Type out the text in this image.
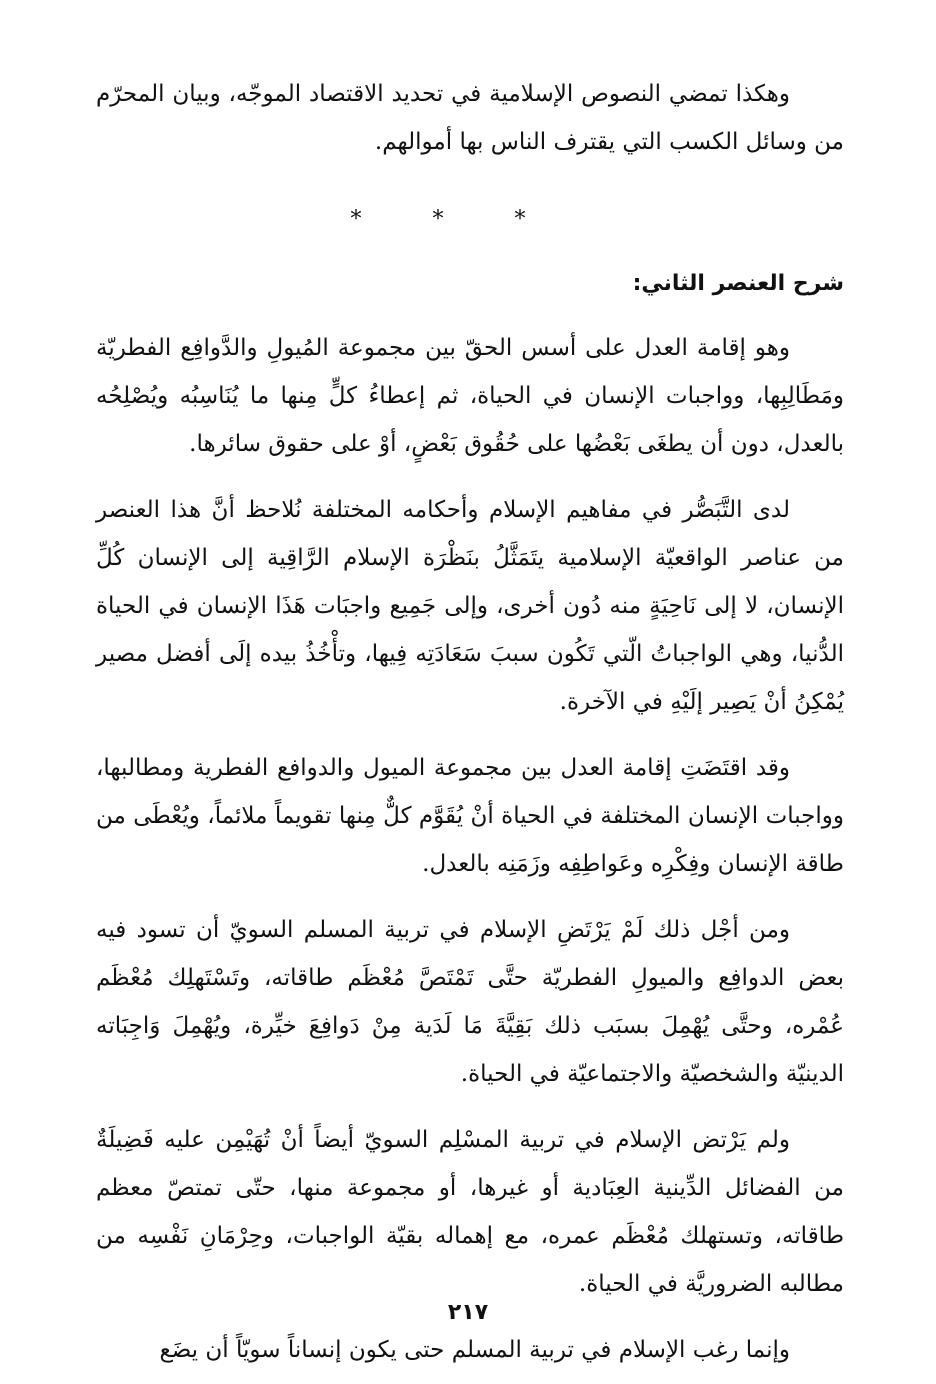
وهكذا تمضي النصوص الإسلامية في تحديد الاقتصاد الموجّه، وبيان المحرّم من وسائل الكسب التي يقترف الناس بها أموالهم.

* * *
شرح العنصر الثاني:

وهو إقامة العدل على أسس الحقّ بين مجموعة المُيولِ والدَّوافِع الفطريّة ومَطَالِبِها، وواجبات الإنسان في الحياة، ثم إعطاءُ كلٍّ مِنها ما يُنَاسِبُه ويُصْلِحُه بالعدل، دون أن يطغَى بَعْضُها على حُقُوق بَعْضٍ، أوْ على حقوق سائرها.

لدى التَّبَصُّر في مفاهيم الإسلام وأحكامه المختلفة نُلاحظ أنَّ هذا العنصر من عناصر الواقعيّة الإسلامية يتَمَثَّلُ بنَظْرَة الإسلام الرَّاقِية إلى الإنسان كُلِّ الإنسان، لا إلى نَاحِيَةٍ منه دُون أخرى، وإلى جَمِيع واجبَات هَذَا الإنسان في الحياة الدُّنيا، وهي الواجباتُ الّتي تَكُون سببَ سَعَادَتِه فِيها، وتأْخُذُ بيده إلَى أفضل مصير يُمْكِنُ أنْ يَصِير إلَيْهِ في الآخرة.

وقد اقتَضَتِ إقامة العدل بين مجموعة الميول والدوافع الفطرية ومطالبها، وواجبات الإنسان المختلفة في الحياة أنْ يُقَوَّم كلٌّ مِنها تقويماً ملائماً، ويُعْطَى من طاقة الإنسان وفِكْرِه وعَواطِفِه وزَمَنِه بالعدل.

ومن أجْل ذلك لَمْ يَرْتَضِ الإسلام في تربية المسلم السويّ أن تسود فيه بعض الدوافِع والميولِ الفطريّة حتَّى تَمْتَصَّ مُعْظَم طاقاته، وتَسْتَهلِك مُعْظَم عُمْره، وحتَّى يُهْمِلَ بسبَب ذلك بَقِيَّةَ مَا لَدَية مِنْ دَوافِعَ خيِّرة، ويُهْمِلَ وَاجِبَاته الدينيّة والشخصيّة والاجتماعيّة في الحياة.

ولم يَرْتض الإسلام في تربية المسْلِم السويّ أيضاً أنْ تُهَيْمِن عليه فَضِيلَةٌ من الفضائل الدِّينية العِبَادية أو غيرها، أو مجموعة منها، حتّى تمتصّ معظم طاقاته، وتستهلك مُعْظَم عمره، مع إهماله بقيّة الواجبات، وحِرْمَانِ نَفْسِه من مطالبه الضروريَّة في الحياة.

وإنما رغب الإسلام في تربية المسلم حتى يكون إنساناً سويّاً أن يضَع

٢١٧
